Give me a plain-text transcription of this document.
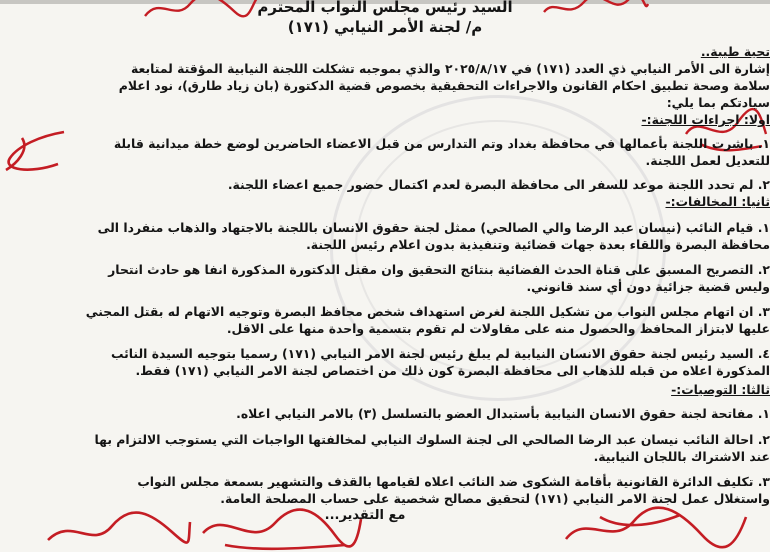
السيد رئيس مجلس النواب المحترم
م/ لجنة الأمر النيابي (١٧١)
تحية طيبة..
إشارة الى الأمر النيابي ذي العدد (١٧١) في ٢٠٢٥/٨/١٧ والذي بموجبه تشكلت اللجنة النيابية المؤقتة لمتابعة
سلامة وصحة تطبيق احكام القانون والاجراءات التحقيقية بخصوص قضية الدكتورة (بان زياد طارق)، نود اعلام
سيادتكم بما يلي:
اولا: اجراءات اللجنة:-
١. باشرت اللجنة بأعمالها في محافظة بغداد وتم التدارس من قبل الاعضاء الحاضرين لوضع خطة ميدانية قابلة
للتعديل لعمل اللجنة.
٢. لم تحدد اللجنة موعد للسفر الى محافظة البصرة لعدم اكتمال حضور جميع اعضاء اللجنة.
ثانيا: المخالفات:-
١. قيام النائب (نيسان عبد الرضا والي الصالحي) ممثل لجنة حقوق الانسان باللجنة بالاجتهاد والذهاب منفردا الى
محافظة البصرة واللقاء بعدة جهات قضائية وتنفيذية بدون اعلام رئيس اللجنة.
٢. التصريح المسبق على قناة الحدث الفضائية بنتائج التحقيق وان مقتل الدكتورة المذكورة انفا هو حادث انتحار
وليس قضية جزائية دون أي سند قانوني.
٣. ان اتهام مجلس النواب من تشكيل اللجنة لغرض استهداف شخص محافظ البصرة وتوجيه الاتهام له بقتل المجني
عليها لابتزاز المحافظ والحصول منه على مقاولات لم تقوم بتسمية واحدة منها على الاقل.
٤. السيد رئيس لجنة حقوق الانسان النيابية لم يبلغ رئيس لجنة الامر النيابي (١٧١) رسميا بتوجيه السيدة النائب
المذكورة اعلاه من قبله للذهاب الى محافظة البصرة كون ذلك من اختصاص لجنة الامر النيابي (١٧١) فقط.
ثالثا: التوصيات:-
١. مفاتحة لجنة حقوق الانسان النيابية بأستبدال العضو بالتسلسل (٣) بالامر النيابي اعلاه.
٢. احالة النائب نيسان عبد الرضا الصالحي الى لجنة السلوك النيابي لمخالفتها الواجبات التي يستوجب الالتزام بها
عند الاشتراك باللجان النيابية.
٣. تكليف الدائرة القانونية بأقامة الشكوى ضد النائب اعلاه لقيامها بالقذف والتشهير بسمعة مجلس النواب
واستغلال عمل لجنة الامر النيابي (١٧١) لتحقيق مصالح شخصية على حساب المصلحة العامة.
مع التقدير...
